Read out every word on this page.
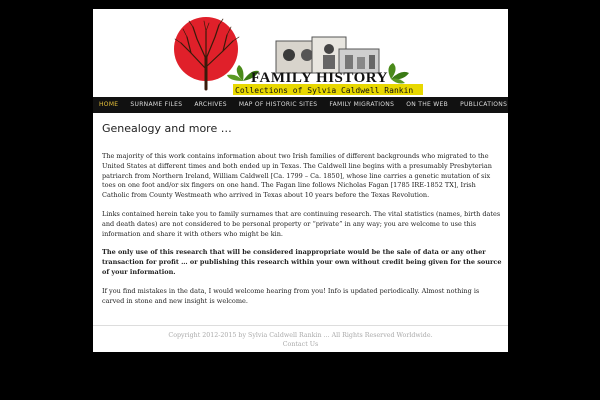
FAMILY HISTORY
Collections of Sylvia Caldwell Rankin
HOME	SURNAME FILES	ARCHIVES	MAP OF HISTORIC SITES	FAMILY MIGRATIONS	ON THE WEB	PUBLICATIONS
Genealogy and more …

The majority of this work contains information about two Irish families of different backgrounds who migrated to the United States at different times and both ended up in Texas. The Caldwell line begins with a presumably Presbyterian patriarch from Northern Ireland, William Caldwell [Ca. 1799 – Ca. 1850], whose line carries a genetic mutation of six toes on one foot and/or six fingers on one hand. The Fagan line follows Nicholas Fagan [1785 IRE-1852 TX], Irish Catholic from County Westmeath who arrived in Texas about 10 years before the Texas Revolution.

Links contained herein take you to family surnames that are continuing research. The vital statistics (names, birth dates and death dates) are not considered to be personal property or “private” in any way; you are welcome to use this information and share it with others who might be kin.

The only use of this research that will be considered inappropriate would be the sale of data or any other transaction for profit … or publishing this research within your own without credit being given for the source of your information.

If you find mistakes in the data, I would welcome hearing from you! Info is updated periodically. Almost nothing is carved in stone and new insight is welcome.

Copyright 2012-2015 by Sylvia Caldwell Rankin ... All Rights Reserved Worldwide.
Contact Us
